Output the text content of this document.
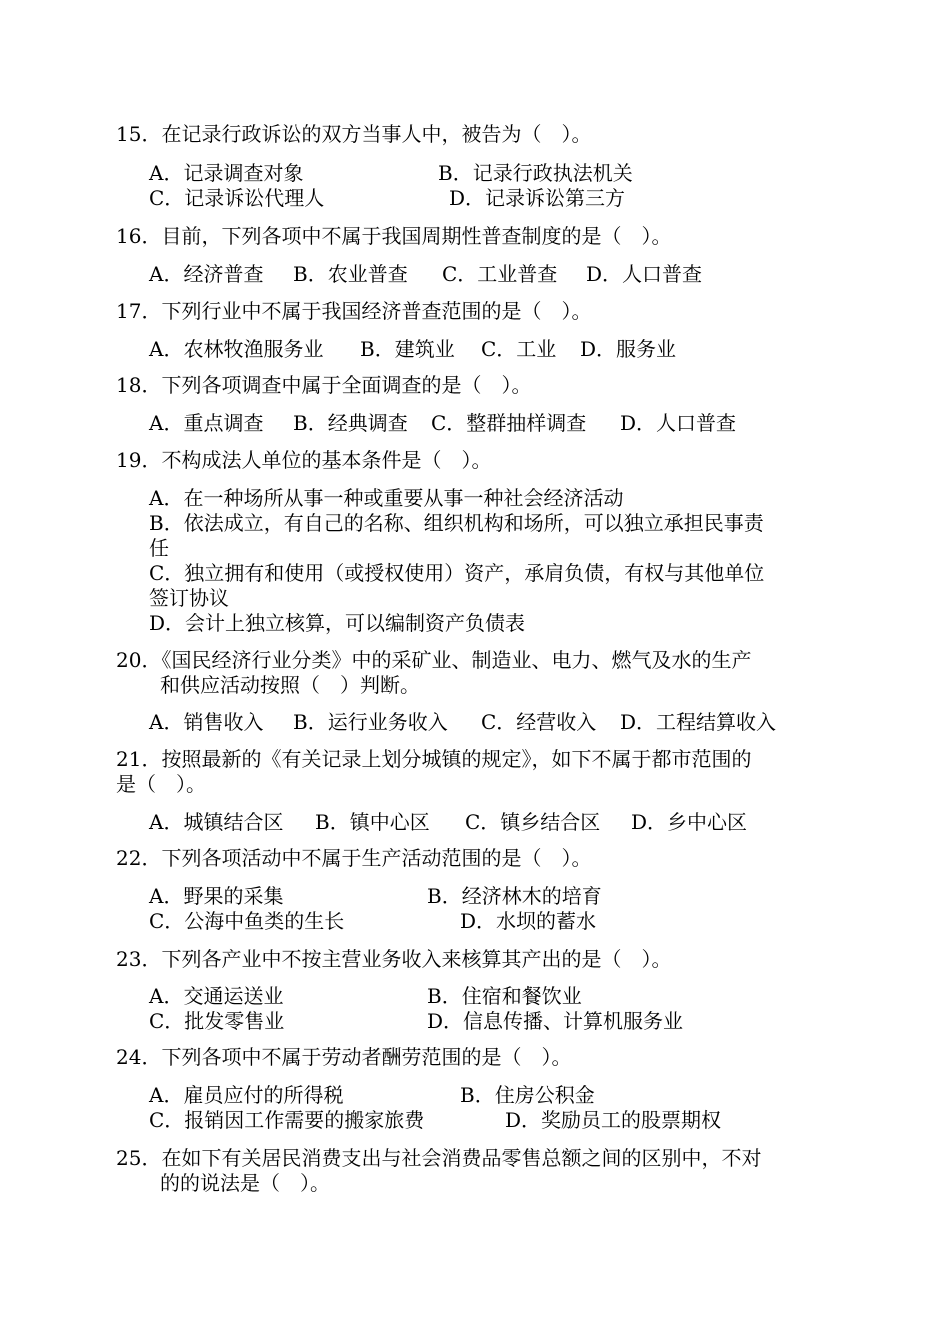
15．在记录行政诉讼的双方当事人中，被告为（　）。
A．记录调查对象	B．记录行政执法机关
C．记录诉讼代理人	D．记录诉讼第三方
16．目前，下列各项中不属于我国周期性普查制度的是（　）。
A．经济普查 B．农业普查 C．工业普查 D．人口普查
17．下列行业中不属于我国经济普查范围的是（　）。
A．农林牧渔服务业 B．建筑业 C．工业 D．服务业
18．下列各项调查中属于全面调查的是（　）。
A．重点调查 B．经典调查 C．整群抽样调查 D．人口普查
19．不构成法人单位的基本条件是（　）。
A．在一种场所从事一种或重要从事一种社会经济活动
B．依法成立，有自己的名称、组织机构和场所，可以独立承担民事责
任
C．独立拥有和使用（或授权使用）资产，承肩负债，有权与其他单位
签订协议
D．会计上独立核算，可以编制资产负债表
20．《国民经济行业分类》中的采矿业、制造业、电力、燃气及水的生产
和供应活动按照（　）判断。
A．销售收入 B．运行业务收入 C．经营收入 D．工程结算收入
21．按照最新的《有关记录上划分城镇的规定》，如下不属于都市范围的
是（　）。
A．城镇结合区 B．镇中心区 C．镇乡结合区 D．乡中心区
22．下列各项活动中不属于生产活动范围的是（　）。
A．野果的采集	B．经济林木的培育
C．公海中鱼类的生长	D．水坝的蓄水
23．下列各产业中不按主营业务收入来核算其产出的是（　）。
A．交通运送业	B．住宿和餐饮业
C．批发零售业	D．信息传播、计算机服务业
24．下列各项中不属于劳动者酬劳范围的是（　）。
A．雇员应付的所得税	B．住房公积金
C．报销因工作需要的搬家旅费	D．奖励员工的股票期权
25．在如下有关居民消费支出与社会消费品零售总额之间的区别中，不对
的的说法是（　）。
